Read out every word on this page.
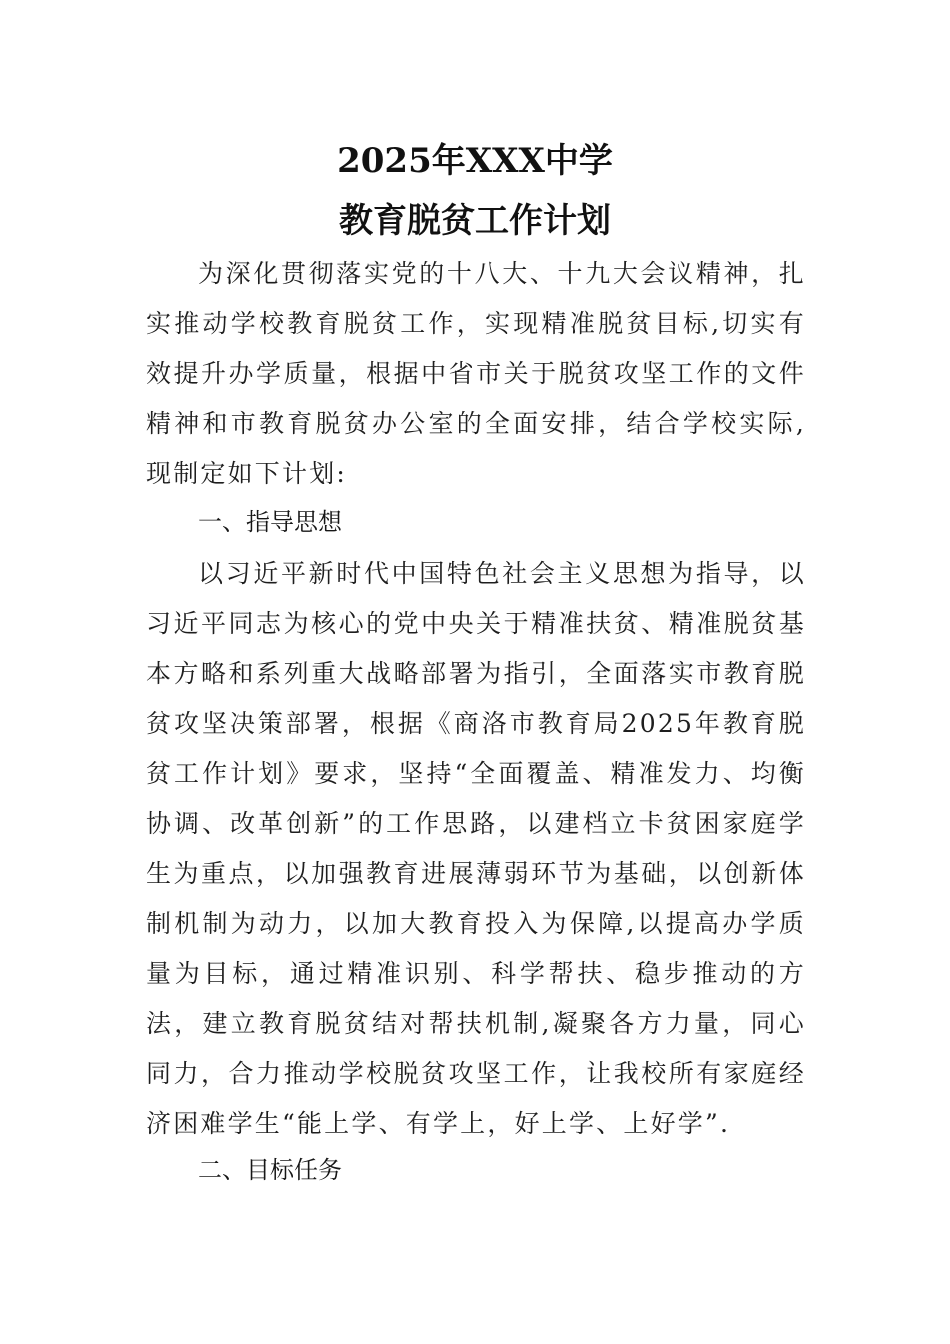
2025年XXX中学
教育脱贫工作计划
为深化贯彻落实党的十八大、十九大会议精神，扎实推动学校教育脱贫工作，实现精准脱贫目标,切实有效提升办学质量，根据中省市关于脱贫攻坚工作的文件精神和市教育脱贫办公室的全面安排，结合学校实际,现制定如下计划:
一、指导思想
以习近平新时代中国特色社会主义思想为指导，以习近平同志为核心的党中央关于精准扶贫、精准脱贫基本方略和系列重大战略部署为指引，全面落实市教育脱贫攻坚决策部署，根据《商洛市教育局2025年教育脱贫工作计划》要求，坚持“全面覆盖、精准发力、均衡协调、改革创新”的工作思路，以建档立卡贫困家庭学生为重点，以加强教育进展薄弱环节为基础，以创新体制机制为动力，以加大教育投入为保障,以提高办学质量为目标，通过精准识别、科学帮扶、稳步推动的方法，建立教育脱贫结对帮扶机制,凝聚各方力量，同心同力，合力推动学校脱贫攻坚工作，让我校所有家庭经济困难学生“能上学、有学上，好上学、上好学”.
二、目标任务
